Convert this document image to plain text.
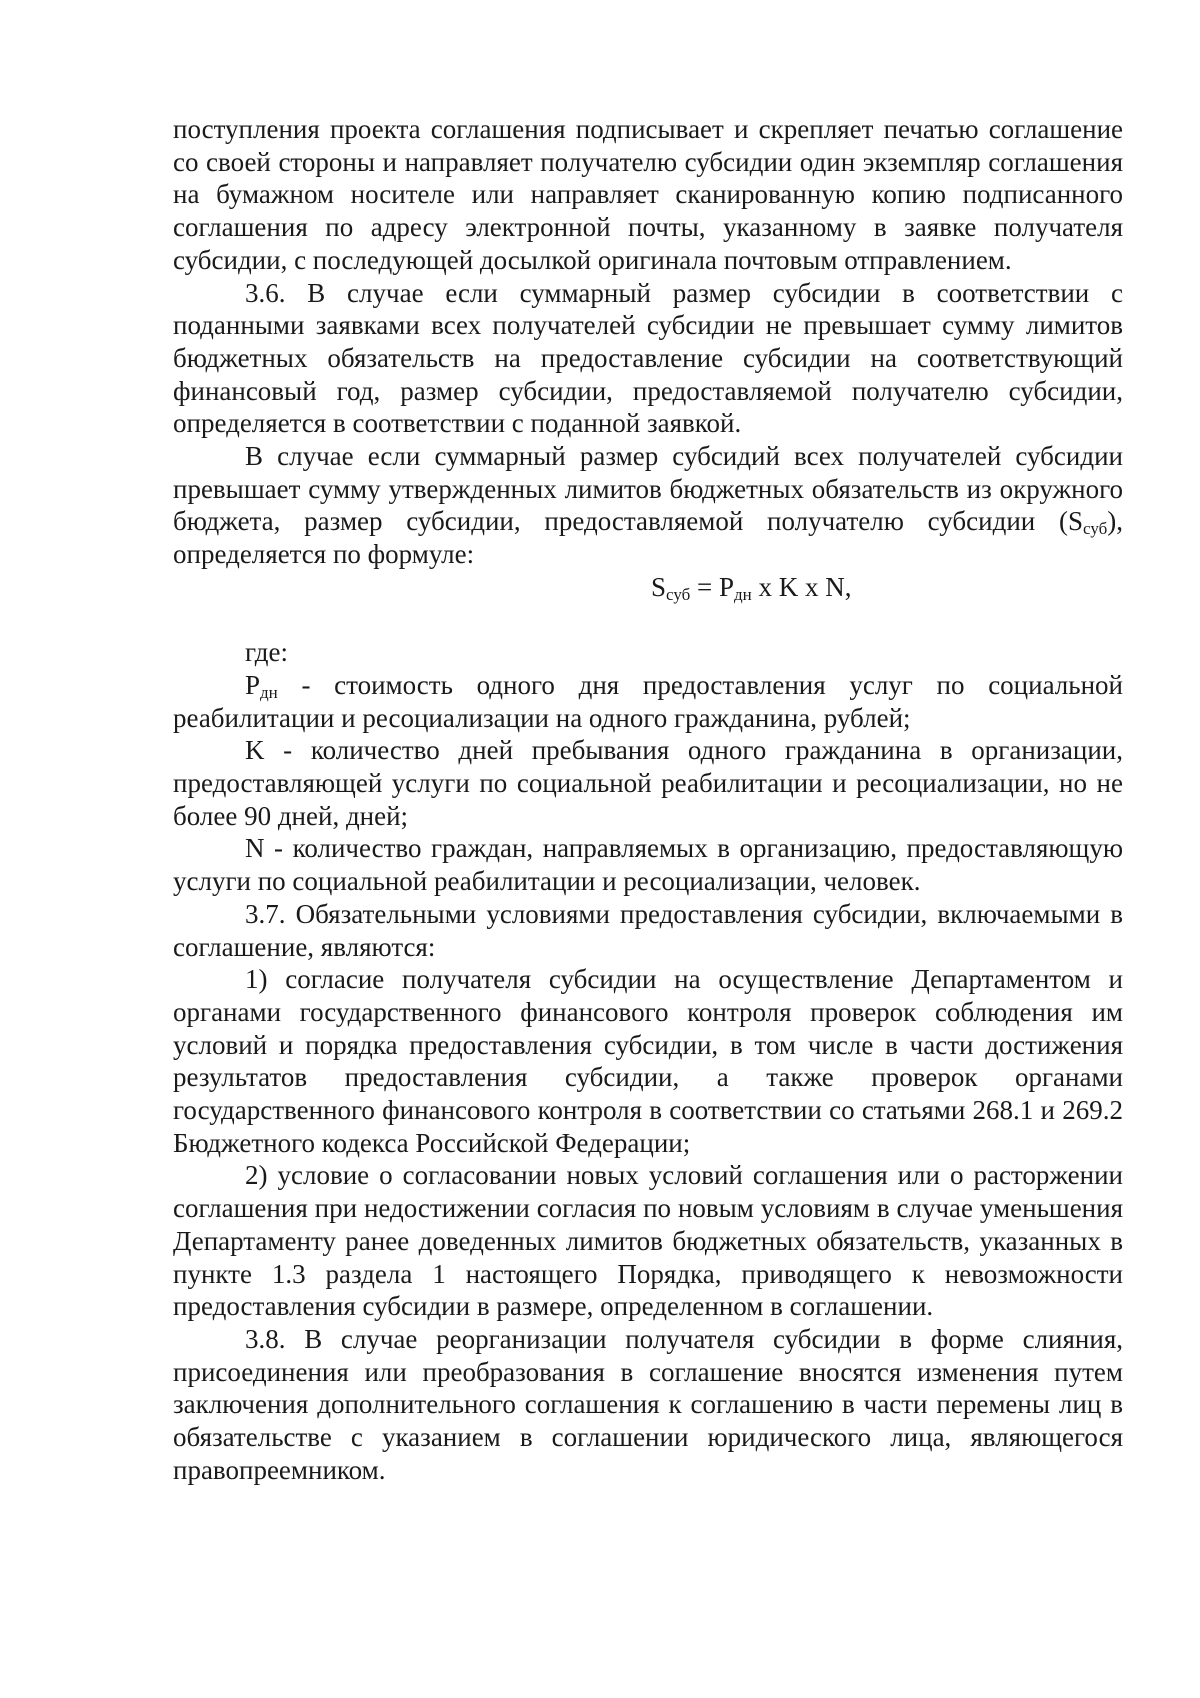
поступления проекта соглашения подписывает и скрепляет печатью соглашение со своей стороны и направляет получателю субсидии один экземпляр соглашения на бумажном носителе или направляет сканированную копию подписанного соглашения по адресу электронной почты, указанному в заявке получателя субсидии, с последующей досылкой оригинала почтовым отправлением.

3.6. В случае если суммарный размер субсидии в соответствии с поданными заявками всех получателей субсидии не превышает сумму лимитов бюджетных обязательств на предоставление субсидии на соответствующий финансовый год, размер субсидии, предоставляемой получателю субсидии, определяется в соответствии с поданной заявкой.

В случае если суммарный размер субсидий всех получателей субсидии превышает сумму утвержденных лимитов бюджетных обязательств из окружного бюджета, размер субсидии, предоставляемой получателю субсидии $(S_{суб})$, определяется по формуле:

$S_{суб} = P_{дн}$ x K x N,

где:

$P_{дн}$ - стоимость одного дня предоставления услуг по социальной реабилитации и ресоциализации на одного гражданина, рублей;

K - количество дней пребывания одного гражданина в организации, предоставляющей услуги по социальной реабилитации и ресоциализации, но не более 90 дней, дней;

N - количество граждан, направляемых в организацию, предоставляющую услуги по социальной реабилитации и ресоциализации, человек.

3.7. Обязательными условиями предоставления субсидии, включаемыми в соглашение, являются:

1) согласие получателя субсидии на осуществление Департаментом и органами государственного финансового контроля проверок соблюдения им условий и порядка предоставления субсидии, в том числе в части достижения результатов предоставления субсидии, а также проверок органами государственного финансового контроля в соответствии со статьями 268.1 и 269.2 Бюджетного кодекса Российской Федерации;

2) условие о согласовании новых условий соглашения или о расторжении соглашения при недостижении согласия по новым условиям в случае уменьшения Департаменту ранее доведенных лимитов бюджетных обязательств, указанных в пункте 1.3 раздела 1 настоящего Порядка, приводящего к невозможности предоставления субсидии в размере, определенном в соглашении.

3.8. В случае реорганизации получателя субсидии в форме слияния, присоединения или преобразования в соглашение вносятся изменения путем заключения дополнительного соглашения к соглашению в части перемены лиц в обязательстве с указанием в соглашении юридического лица, являющегося правопреемником.
